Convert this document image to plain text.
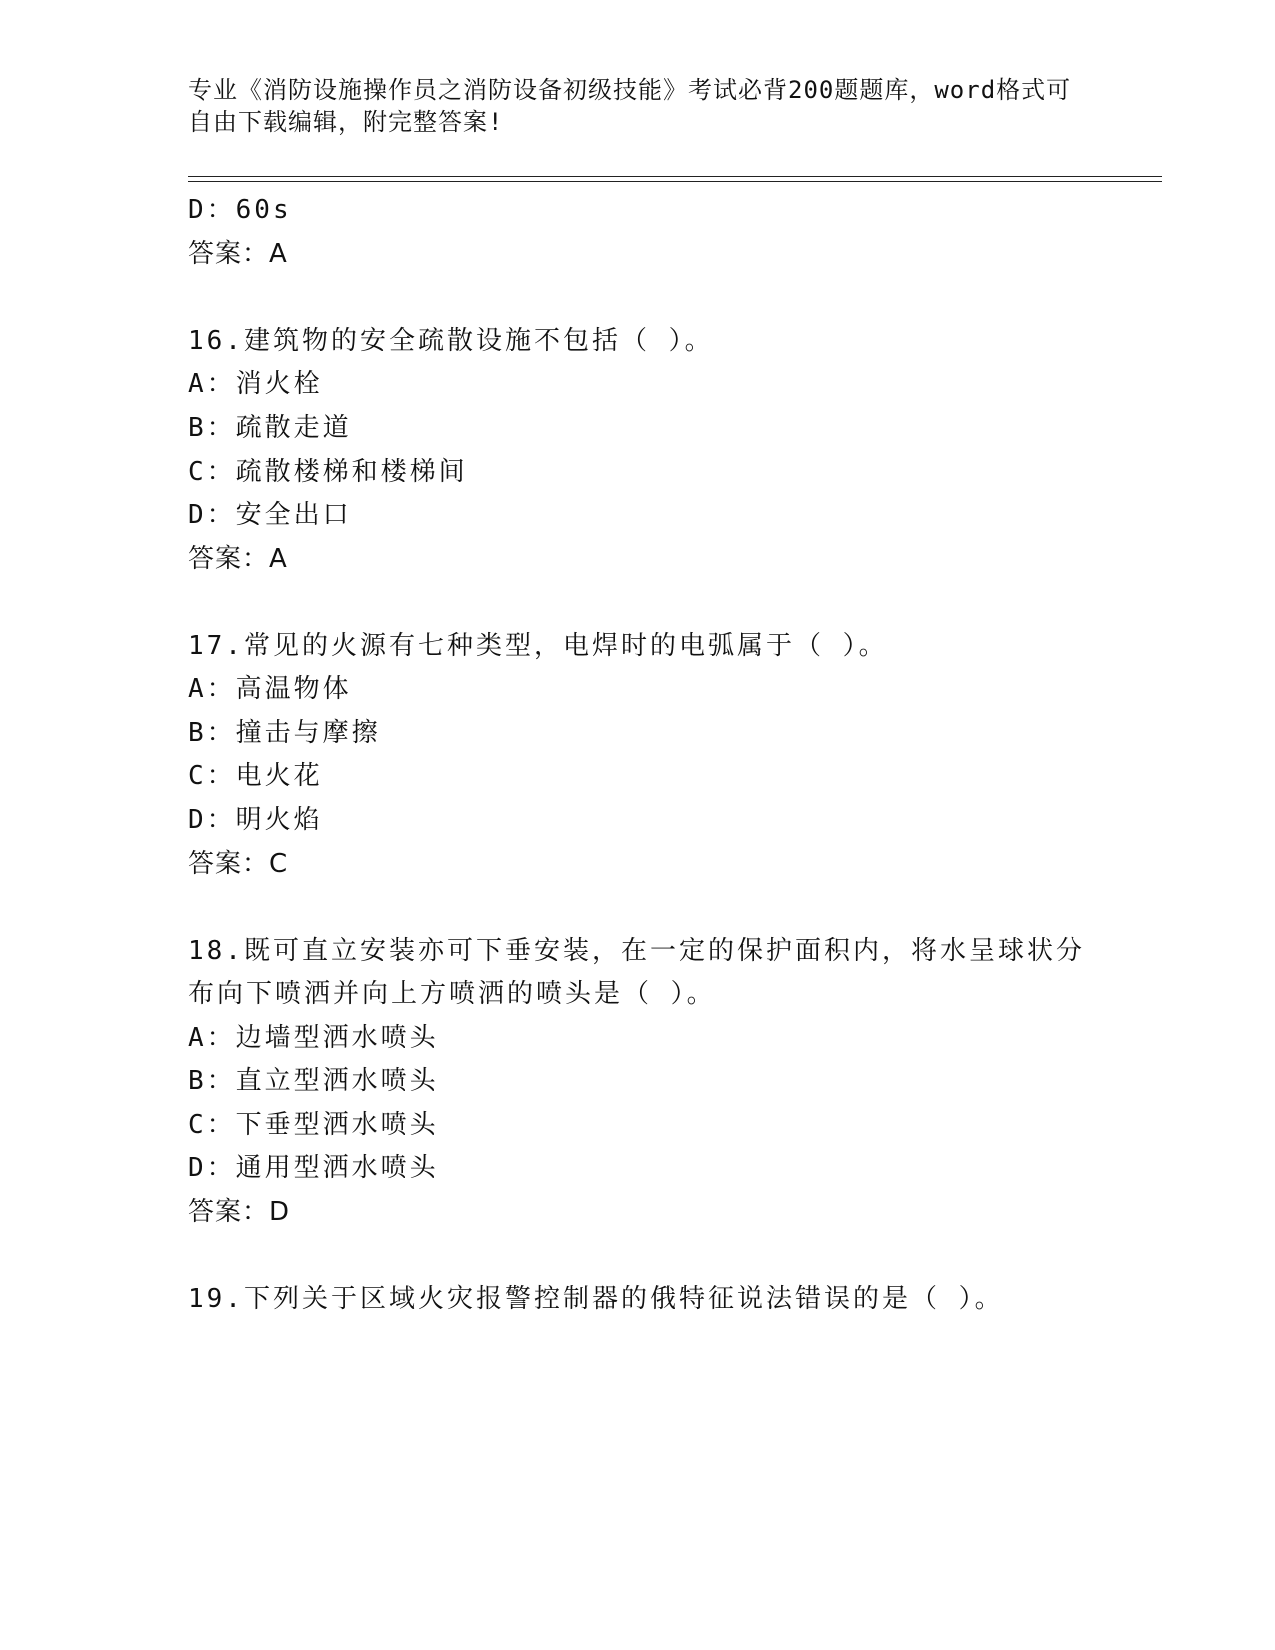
专业《消防设施操作员之消防设备初级技能》考试必背200题题库，word格式可
自由下载编辑，附完整答案!
D：60s
答案：A
16.建筑物的安全疏散设施不包括（ ）。
A：消火栓
B：疏散走道
C：疏散楼梯和楼梯间
D：安全出口
答案：A
17.常见的火源有七种类型，电焊时的电弧属于（ ）。
A：高温物体
B：撞击与摩擦
C：电火花
D：明火焰
答案：C
18.既可直立安装亦可下垂安装，在一定的保护面积内，将水呈球状分
布向下喷洒并向上方喷洒的喷头是（ ）。
A：边墙型洒水喷头
B：直立型洒水喷头
C：下垂型洒水喷头
D：通用型洒水喷头
答案：D
19.下列关于区域火灾报警控制器的俄特征说法错误的是（ ）。
